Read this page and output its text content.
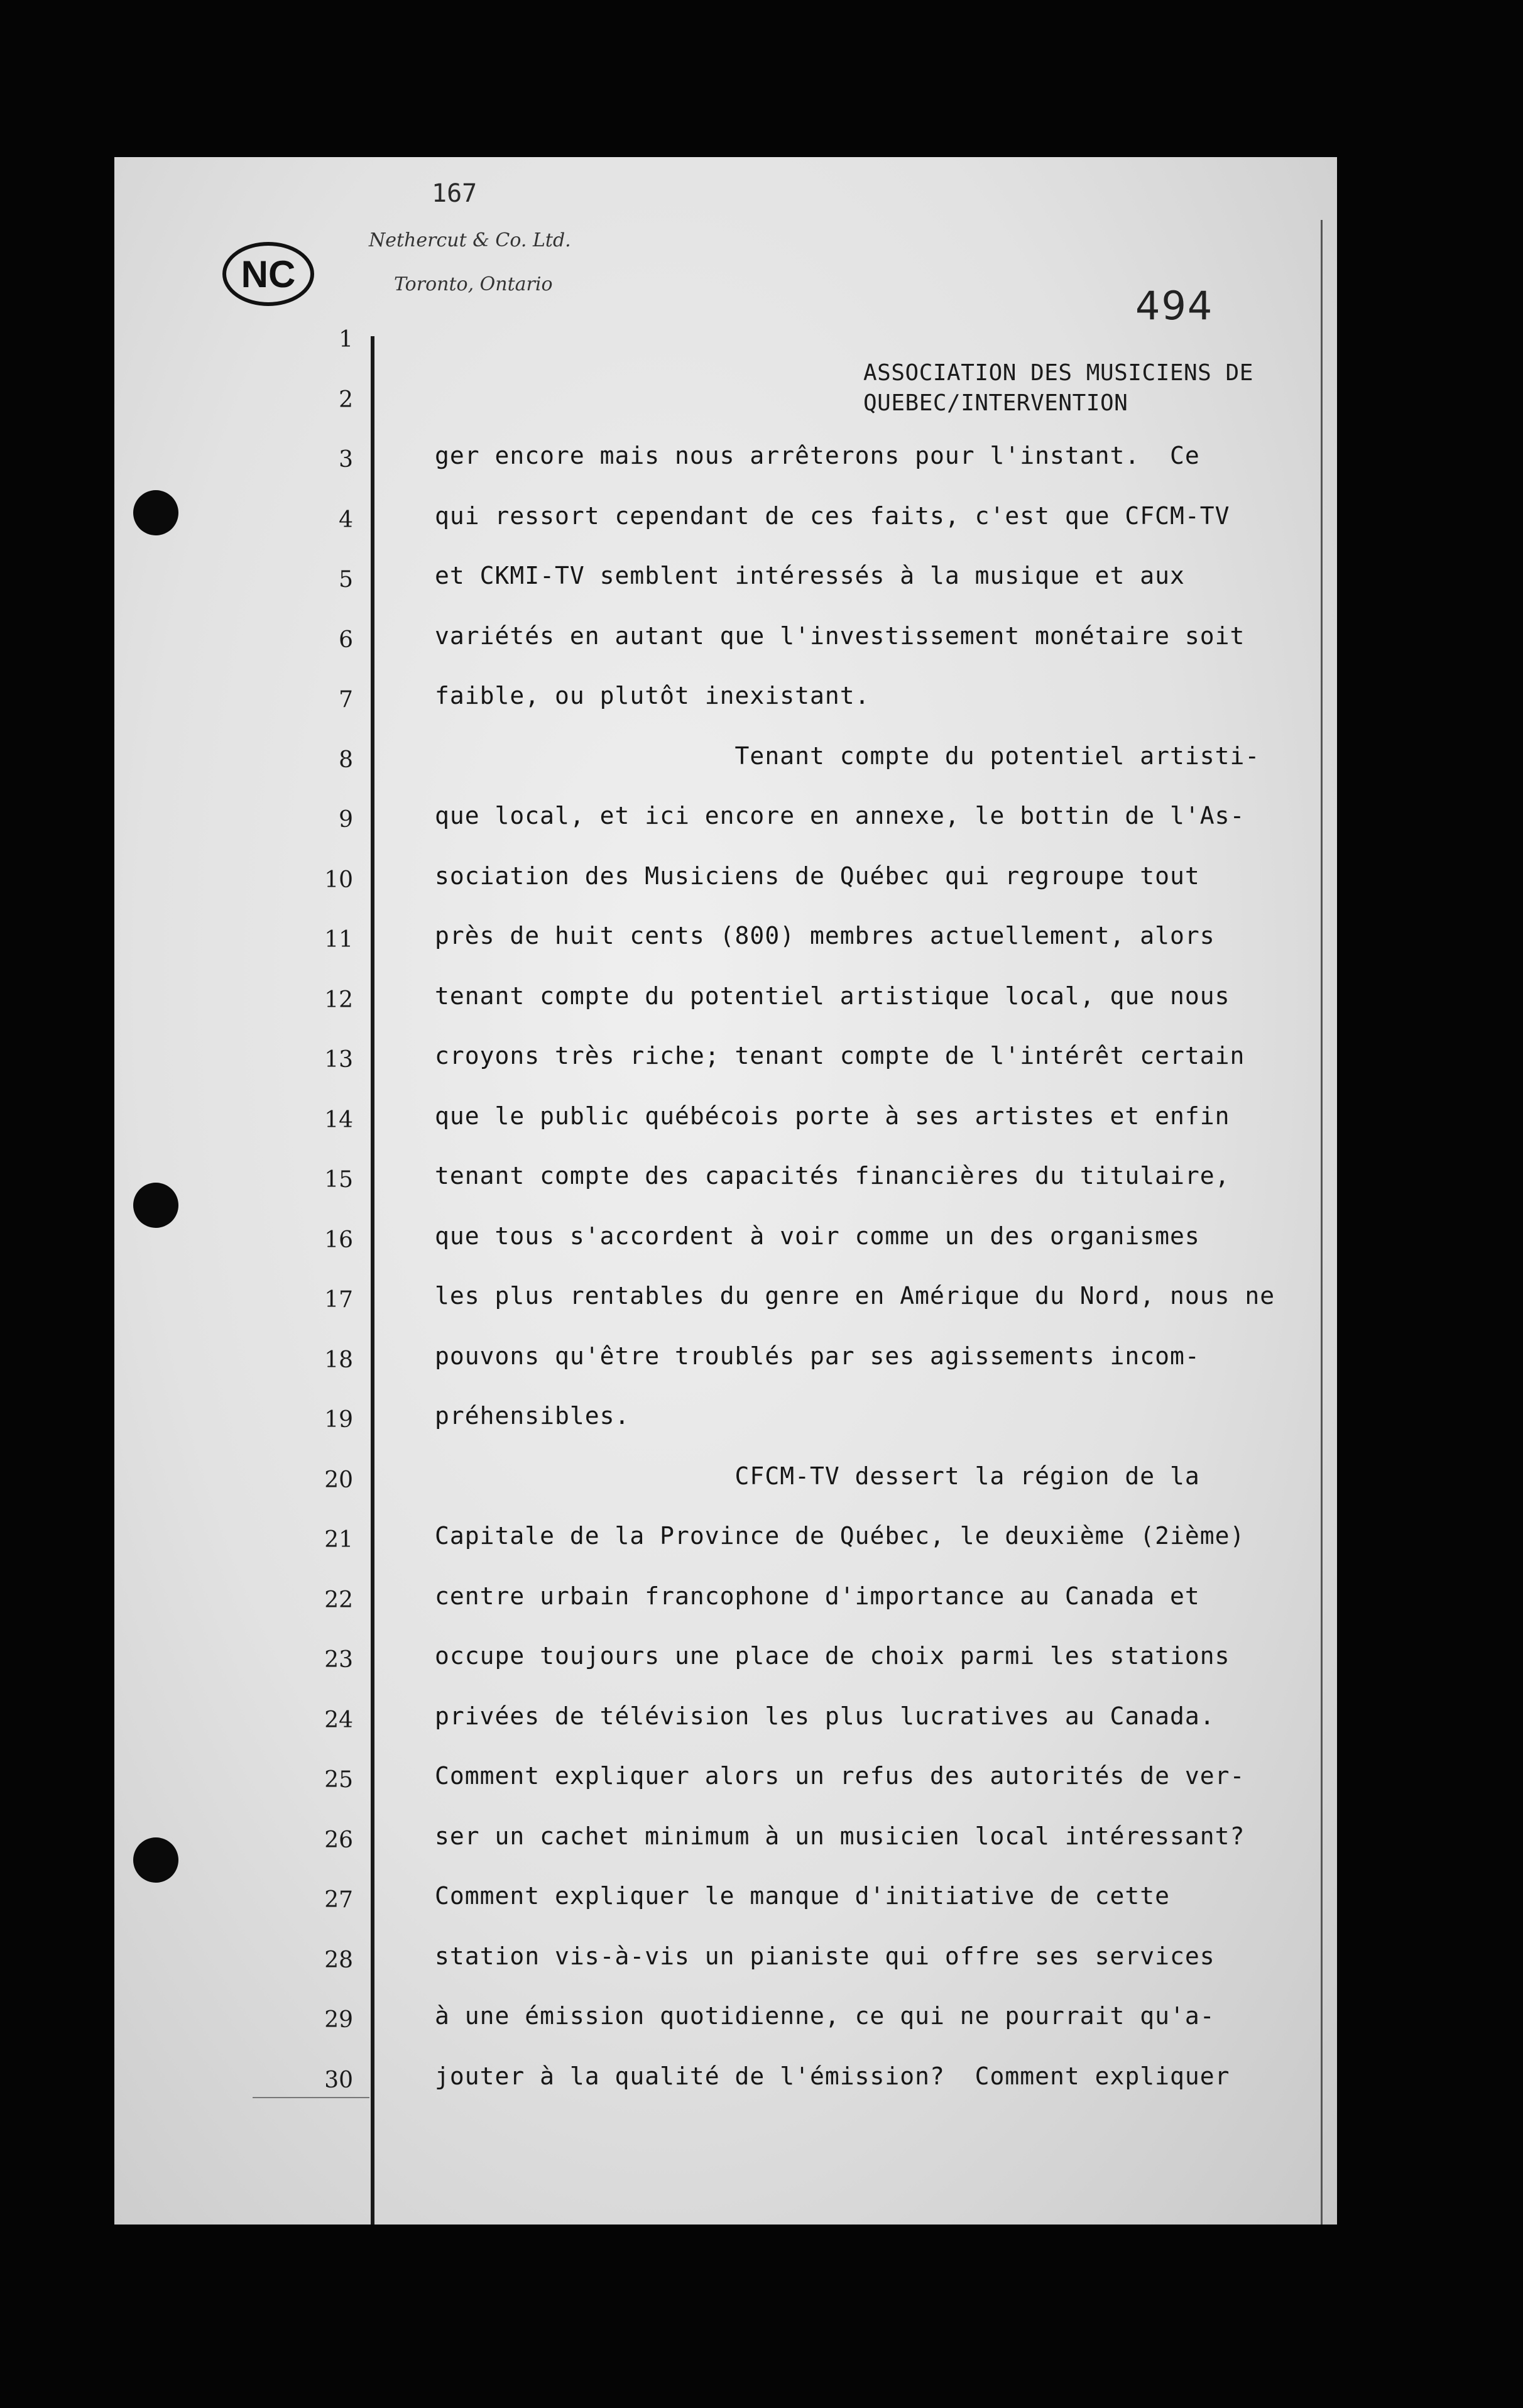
167
NC
Nethercut & Co. Ltd.
Toronto, Ontario	494
ASSOCIATION DES MUSICIENS DE
QUEBEC/INTERVENTION
1
2
3
4
5
6
7
8
9
10
11
12
13
14
15
16
17
18
19
20
21
22
23
24
25
26
27
28
29
30
ger encore mais nous arrêterons pour l'instant.  Ce
qui ressort cependant de ces faits, c'est que CFCM-TV
et CKMI-TV semblent intéressés à la musique et aux
variétés en autant que l'investissement monétaire soit
faible, ou plutôt inexistant.
Tenant compte du potentiel artisti-
que local, et ici encore en annexe, le bottin de l'As-
sociation des Musiciens de Québec qui regroupe tout
près de huit cents (800) membres actuellement, alors
tenant compte du potentiel artistique local, que nous
croyons très riche; tenant compte de l'intérêt certain
que le public québécois porte à ses artistes et enfin
tenant compte des capacités financières du titulaire,
que tous s'accordent à voir comme un des organismes
les plus rentables du genre en Amérique du Nord, nous ne
pouvons qu'être troublés par ses agissements incom-
préhensibles.
CFCM-TV dessert la région de la
Capitale de la Province de Québec, le deuxième (2ième)
centre urbain francophone d'importance au Canada et
occupe toujours une place de choix parmi les stations
privées de télévision les plus lucratives au Canada.
Comment expliquer alors un refus des autorités de ver-
ser un cachet minimum à un musicien local intéressant?
Comment expliquer le manque d'initiative de cette
station vis-à-vis un pianiste qui offre ses services
à une émission quotidienne, ce qui ne pourrait qu'a-
jouter à la qualité de l'émission?  Comment expliquer
